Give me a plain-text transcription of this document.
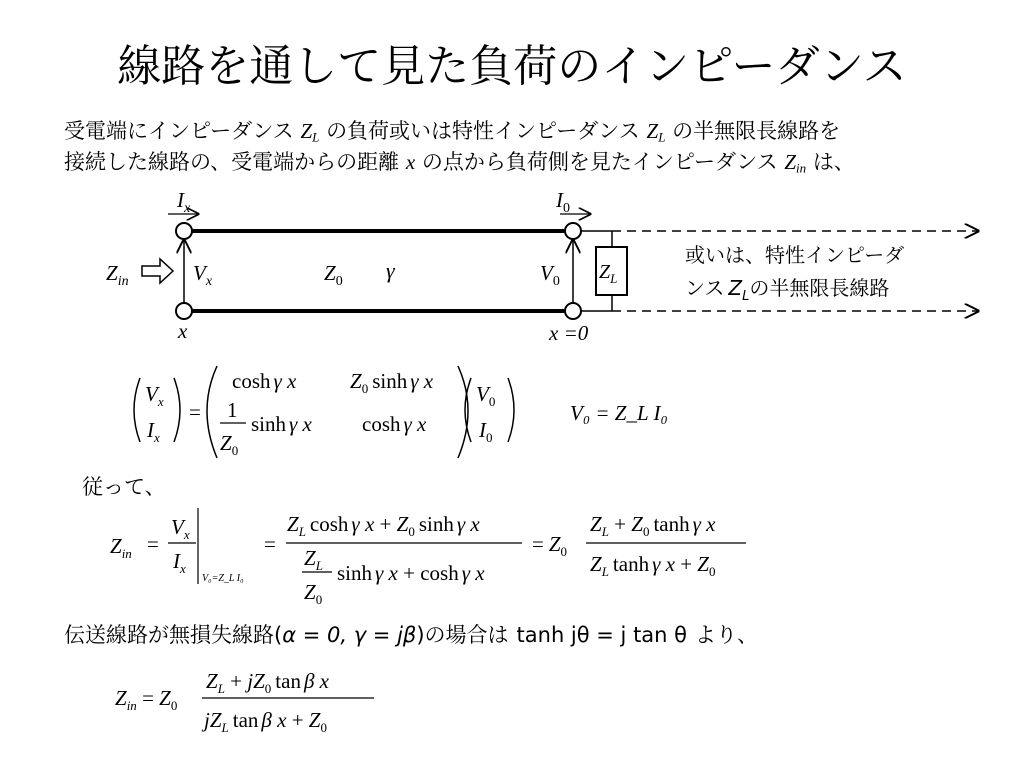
線路を通して見た負荷のインピーダンス
受電端にインピーダンス $Z_L$ の負荷或いは特性インピーダンス $Z_L$ の半無限長線路を
接続した線路の、受電端からの距離 x の点から負荷側を見たインピーダンス $Z_{in}$ は、
$I_x$	$I_0$
$Z_{in}$	$V_x$	$Z_0$ γ	$V_0$ $Z_L$
x	x =0
或いは、特性インピーダ
ンス $Z_L$の半無限長線路
$V_x$
$I_x$
=
cosh γ x	$Z_0$ sinh γ x
1
$Z_0$
sinh γ x cosh γ x
$V_0$
$I_0$
V₀ = Z_L I₀
従って、
$Z_{in}$ =
$V_x$
$I_x$
V₀=Z_L I₀
=
$Z_L$ cosh γ $x + Z_0$ sinh γ x
$Z_L$
$Z_0$
sinh γ x + cosh γ x
= $Z_0$
$Z_L + Z_0$ tanh γ x
$Z_L$ tanh γ $x + Z_0$
伝送線路が無損失線路(α = 0, γ = jβ)の場合は tanh jθ = j tan θ より、
$Z_{in} = Z_0$
$Z_L + jZ_0$ tan β x
$jZ_L$ tan β $x + Z_0$
